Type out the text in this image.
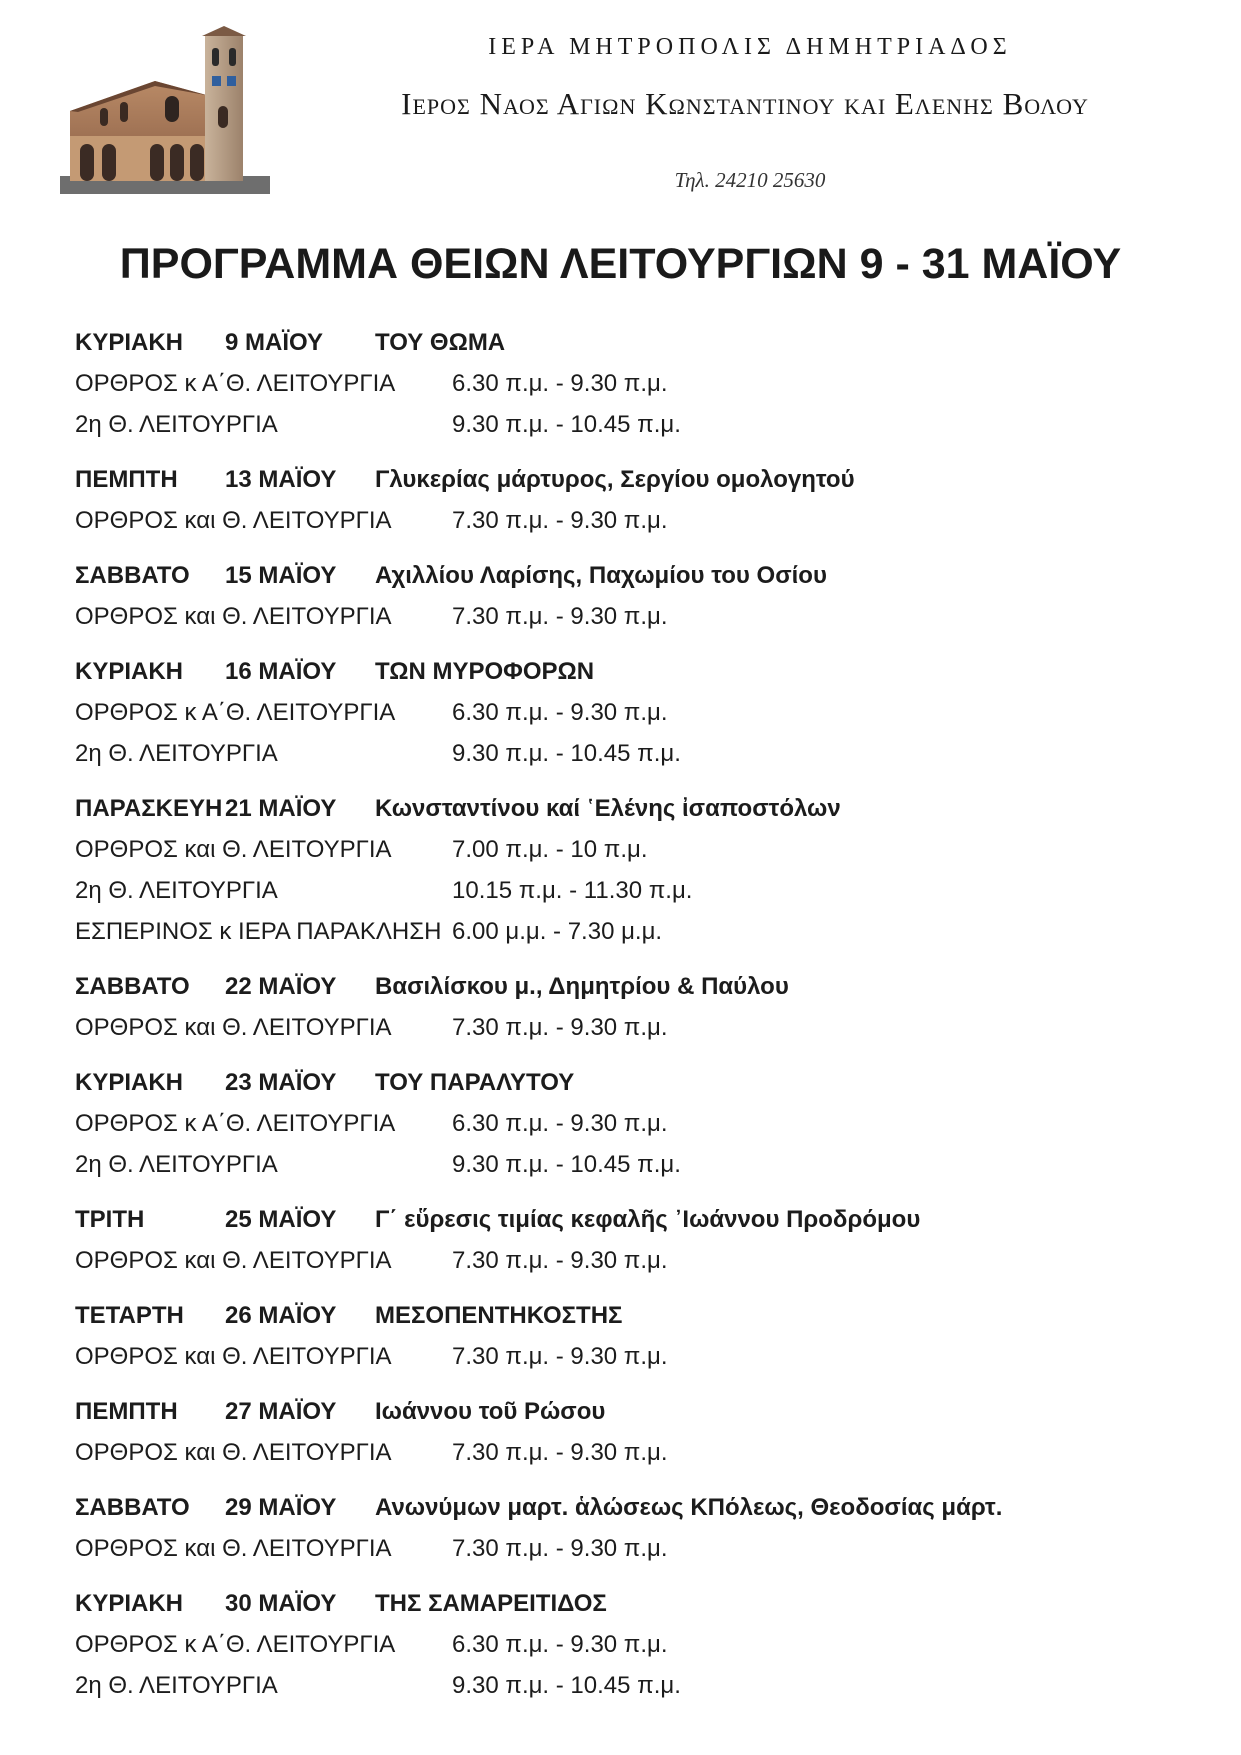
ΙΕΡΑ ΜΗΤΡΟΠΟΛΙΣ ΔΗΜΗΤΡΙΑΔΟΣ
Ιερος Ναος Αγιων Κωνσταντινου και Ελενης Βολου
Τηλ. 24210 25630
ΠΡΟΓΡΑΜΜΑ ΘΕΙΩΝ ΛΕΙΤΟΥΡΓΙΩΝ 9 - 31 ΜΑΪΟΥ
ΚΥΡΙΑΚΗ	9 ΜΑΪΟΥ	ΤΟΥ ΘΩΜΑ
ΟΡΘΡΟΣ κ Α΄Θ. ΛΕΙΤΟΥΡΓΙΑ	6.30 π.μ. - 9.30 π.μ.
2η Θ. ΛΕΙΤΟΥΡΓΙΑ	9.30 π.μ. - 10.45 π.μ.
ΠΕΜΠΤΗ	13 ΜΑΪΟΥ	Γλυκερίας μάρτυρος, Σεργίου ομολογητού
ΟΡΘΡΟΣ και Θ. ΛΕΙΤΟΥΡΓΙΑ	7.30 π.μ. - 9.30 π.μ.
ΣΑΒΒΑΤΟ	15 ΜΑΪΟΥ	Αχιλλίου Λαρίσης, Παχωμίου του Οσίου
ΟΡΘΡΟΣ και Θ. ΛΕΙΤΟΥΡΓΙΑ	7.30 π.μ. - 9.30 π.μ.
ΚΥΡΙΑΚΗ	16 ΜΑΪΟΥ	ΤΩΝ ΜΥΡΟΦΟΡΩΝ
ΟΡΘΡΟΣ κ Α΄Θ. ΛΕΙΤΟΥΡΓΙΑ	6.30 π.μ. - 9.30 π.μ.
2η Θ. ΛΕΙΤΟΥΡΓΙΑ	9.30 π.μ. - 10.45 π.μ.
ΠΑΡΑΣΚΕΥΗ 21 ΜΑΪΟΥ	Κωνσταντίνου καί ῾Ελένης ἰσαποστόλων
ΟΡΘΡΟΣ και Θ. ΛΕΙΤΟΥΡΓΙΑ	7.00 π.μ. - 10 π.μ.
2η Θ. ΛΕΙΤΟΥΡΓΙΑ	10.15 π.μ. - 11.30 π.μ.
ΕΣΠΕΡΙΝΟΣ κ ΙΕΡΑ ΠΑΡΑΚΛΗΣΗ 6.00 μ.μ. - 7.30 μ.μ.
ΣΑΒΒΑΤΟ	22 ΜΑΪΟΥ	Βασιλίσκου μ., Δημητρίου & Παύλου
ΟΡΘΡΟΣ και Θ. ΛΕΙΤΟΥΡΓΙΑ	7.30 π.μ. - 9.30 π.μ.
ΚΥΡΙΑΚΗ	23 ΜΑΪΟΥ	ΤΟΥ ΠΑΡΑΛΥΤΟΥ
ΟΡΘΡΟΣ κ Α΄Θ. ΛΕΙΤΟΥΡΓΙΑ	6.30 π.μ. - 9.30 π.μ.
2η Θ. ΛΕΙΤΟΥΡΓΙΑ	9.30 π.μ. - 10.45 π.μ.
ΤΡΙΤΗ	25 ΜΑΪΟΥ	Γ΄ εὕρεσις τιμίας κεφαλῆς ᾿Ιωάννου Προδρόμου
ΟΡΘΡΟΣ και Θ. ΛΕΙΤΟΥΡΓΙΑ	7.30 π.μ. - 9.30 π.μ.
ΤΕΤΑΡΤΗ	26 ΜΑΪΟΥ	ΜΕΣΟΠΕΝΤΗΚΟΣΤΗΣ
ΟΡΘΡΟΣ και Θ. ΛΕΙΤΟΥΡΓΙΑ	7.30 π.μ. - 9.30 π.μ.
ΠΕΜΠΤΗ	27 ΜΑΪΟΥ	Ιωάννου τοῦ Ρώσου
ΟΡΘΡΟΣ και Θ. ΛΕΙΤΟΥΡΓΙΑ	7.30 π.μ. - 9.30 π.μ.
ΣΑΒΒΑΤΟ	29 ΜΑΪΟΥ	Ανωνύμων μαρτ. ἁλώσεως ΚΠόλεως, Θεοδοσίας μάρτ.
ΟΡΘΡΟΣ και Θ. ΛΕΙΤΟΥΡΓΙΑ	7.30 π.μ. - 9.30 π.μ.
ΚΥΡΙΑΚΗ	30 ΜΑΪΟΥ	ΤΗΣ ΣΑΜΑΡΕΙΤΙΔΟΣ
ΟΡΘΡΟΣ κ Α΄Θ. ΛΕΙΤΟΥΡΓΙΑ	6.30 π.μ. - 9.30 π.μ.
2η Θ. ΛΕΙΤΟΥΡΓΙΑ	9.30 π.μ. - 10.45 π.μ.
